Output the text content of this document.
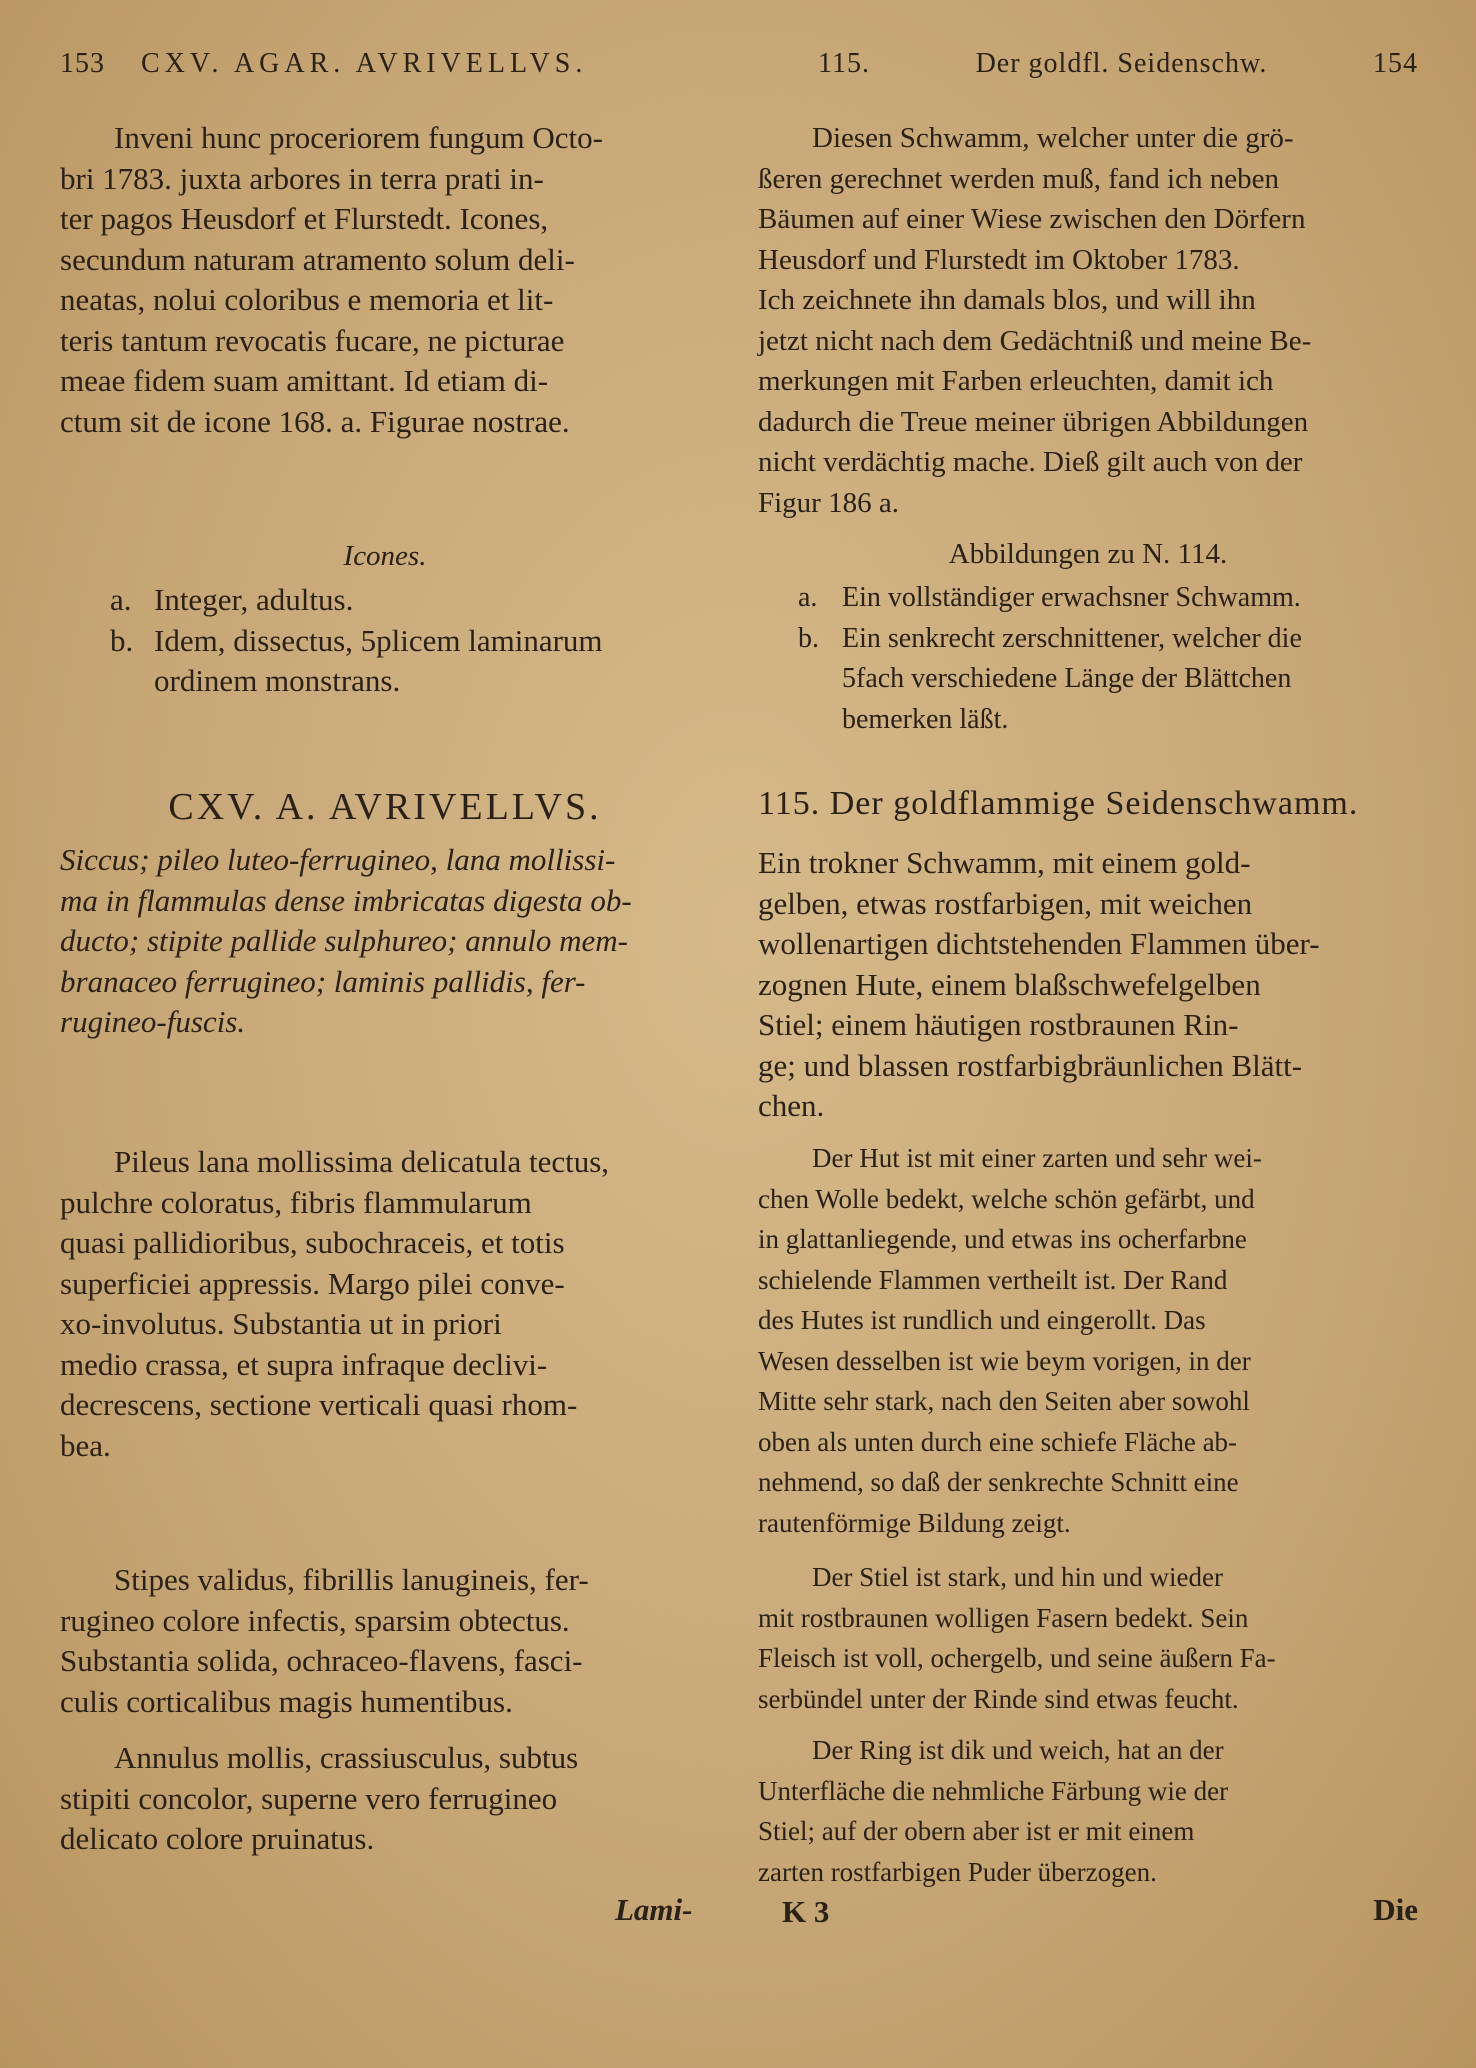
153 CXV. AGAR. AVRIVELLVS.
Inveni hunc proceriorem fungum Octo-
bri 1783. juxta arbores in terra prati in-
ter pagos Heusdorf et Flurstedt. Icones,
secundum naturam atramento solum deli-
neatas, nolui coloribus e memoria et lit-
teris tantum revocatis fucare, ne picturae
meae fidem suam amittant. Id etiam di-
ctum sit de icone 168. a. Figurae nostrae.

Icones.

a. Integer, adultus.
b. Idem, dissectus, 5plicem laminarum
ordinem monstrans.

CXV. A. AVRIVELLVS.

Siccus; pileo luteo-ferrugineo, lana mollissi-
ma in flammulas dense imbricatas digesta ob-
ducto; stipite pallide sulphureo; annulo mem-
branaceo ferrugineo; laminis pallidis, fer-
rugineo-fuscis.
Pileus lana mollissima delicatula tectus,
pulchre coloratus, fibris flammularum
quasi pallidioribus, subochraceis, et totis
superficiei appressis. Margo pilei conve-
xo-involutus. Substantia ut in priori
medio crassa, et supra infraque declivi-
decrescens, sectione verticali quasi rhom-
bea.
Stipes validus, fibrillis lanugineis, fer-
rugineo colore infectis, sparsim obtectus.
Substantia solida, ochraceo-flavens, fasci-
culis corticalibus magis humentibus.
Annulus mollis, crassiusculus, subtus
stipiti concolor, superne vero ferrugineo
delicato colore pruinatus.
Lami-
115.	Der goldfl. Seidenschw.	154
Diesen Schwamm, welcher unter die grö-
ßeren gerechnet werden muß, fand ich neben
Bäumen auf einer Wiese zwischen den Dörfern
Heusdorf und Flurstedt im Oktober 1783.
Ich zeichnete ihn damals blos, und will ihn
jetzt nicht nach dem Gedächtniß und meine Be-
merkungen mit Farben erleuchten, damit ich
dadurch die Treue meiner übrigen Abbildungen
nicht verdächtig mache. Dieß gilt auch von der
Figur 186 a.

Abbildungen zu N. 114.

a. Ein vollständiger erwachsner Schwamm.
b. Ein senkrecht zerschnittener, welcher die
5fach verschiedene Länge der Blättchen
bemerken läßt.

115. Der goldflammige Seidenschwamm.

Ein trokner Schwamm, mit einem gold-
gelben, etwas rostfarbigen, mit weichen
wollenartigen dichtstehenden Flammen über-
zognen Hute, einem blaßschwefelgelben
Stiel; einem häutigen rostbraunen Rin-
ge; und blassen rostfarbigbräunlichen Blätt-
chen.
Der Hut ist mit einer zarten und sehr wei-
chen Wolle bedekt, welche schön gefärbt, und
in glattanliegende, und etwas ins ocherfarbne
schielende Flammen vertheilt ist. Der Rand
des Hutes ist rundlich und eingerollt. Das
Wesen desselben ist wie beym vorigen, in der
Mitte sehr stark, nach den Seiten aber sowohl
oben als unten durch eine schiefe Fläche ab-
nehmend, so daß der senkrechte Schnitt eine
rautenförmige Bildung zeigt.
Der Stiel ist stark, und hin und wieder
mit rostbraunen wolligen Fasern bedekt. Sein
Fleisch ist voll, ochergelb, und seine äußern Fa-
serbündel unter der Rinde sind etwas feucht.
Der Ring ist dik und weich, hat an der
Unterfläche die nehmliche Färbung wie der
Stiel; auf der obern aber ist er mit einem
zarten rostfarbigen Puder überzogen.
K 3	Die
